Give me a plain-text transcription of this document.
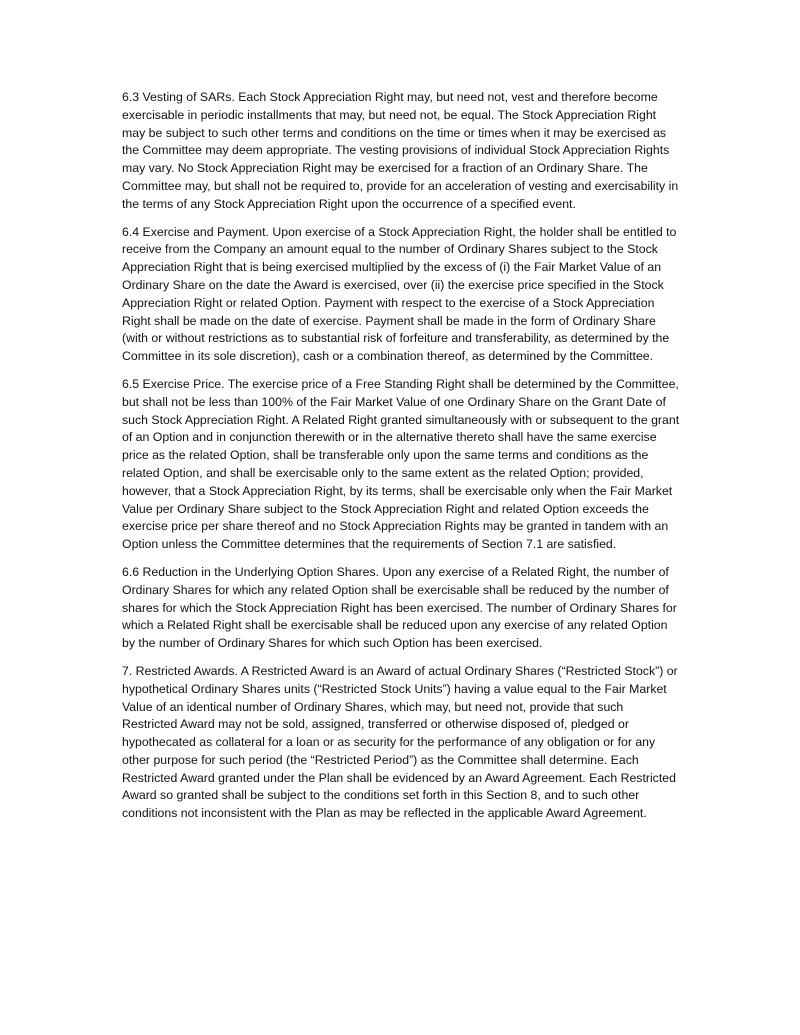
6.3 Vesting of SARs. Each Stock Appreciation Right may, but need not, vest and therefore become exercisable in periodic installments that may, but need not, be equal. The Stock Appreciation Right may be subject to such other terms and conditions on the time or times when it may be exercised as the Committee may deem appropriate. The vesting provisions of individual Stock Appreciation Rights may vary. No Stock Appreciation Right may be exercised for a fraction of an Ordinary Share. The Committee may, but shall not be required to, provide for an acceleration of vesting and exercisability in the terms of any Stock Appreciation Right upon the occurrence of a specified event.

6.4 Exercise and Payment. Upon exercise of a Stock Appreciation Right, the holder shall be entitled to receive from the Company an amount equal to the number of Ordinary Shares subject to the Stock Appreciation Right that is being exercised multiplied by the excess of (i) the Fair Market Value of an Ordinary Share on the date the Award is exercised, over (ii) the exercise price specified in the Stock Appreciation Right or related Option. Payment with respect to the exercise of a Stock Appreciation Right shall be made on the date of exercise. Payment shall be made in the form of Ordinary Share (with or without restrictions as to substantial risk of forfeiture and transferability, as determined by the Committee in its sole discretion), cash or a combination thereof, as determined by the Committee.

6.5 Exercise Price. The exercise price of a Free Standing Right shall be determined by the Committee, but shall not be less than 100% of the Fair Market Value of one Ordinary Share on the Grant Date of such Stock Appreciation Right. A Related Right granted simultaneously with or subsequent to the grant of an Option and in conjunction therewith or in the alternative thereto shall have the same exercise price as the related Option, shall be transferable only upon the same terms and conditions as the related Option, and shall be exercisable only to the same extent as the related Option; provided, however, that a Stock Appreciation Right, by its terms, shall be exercisable only when the Fair Market Value per Ordinary Share subject to the Stock Appreciation Right and related Option exceeds the exercise price per share thereof and no Stock Appreciation Rights may be granted in tandem with an Option unless the Committee determines that the requirements of Section 7.1 are satisfied.

6.6 Reduction in the Underlying Option Shares. Upon any exercise of a Related Right, the number of Ordinary Shares for which any related Option shall be exercisable shall be reduced by the number of shares for which the Stock Appreciation Right has been exercised. The number of Ordinary Shares for which a Related Right shall be exercisable shall be reduced upon any exercise of any related Option by the number of Ordinary Shares for which such Option has been exercised.

7. Restricted Awards. A Restricted Award is an Award of actual Ordinary Shares (“Restricted Stock”) or hypothetical Ordinary Shares units (“Restricted Stock Units”) having a value equal to the Fair Market Value of an identical number of Ordinary Shares, which may, but need not, provide that such Restricted Award may not be sold, assigned, transferred or otherwise disposed of, pledged or hypothecated as collateral for a loan or as security for the performance of any obligation or for any other purpose for such period (the “Restricted Period”) as the Committee shall determine. Each Restricted Award granted under the Plan shall be evidenced by an Award Agreement. Each Restricted Award so granted shall be subject to the conditions set forth in this Section 8, and to such other conditions not inconsistent with the Plan as may be reflected in the applicable Award Agreement.
